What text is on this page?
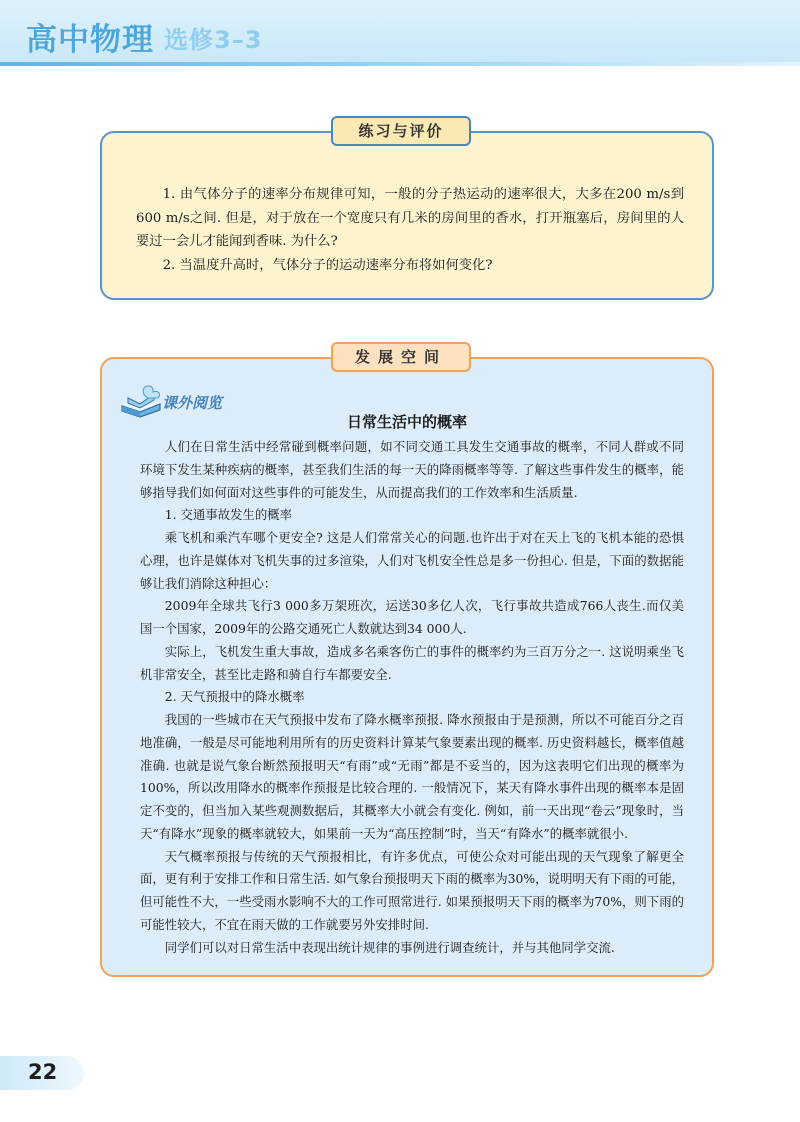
高中物理 选修3–3
练习与评价

1. 由气体分子的速率分布规律可知，一般的分子热运动的速率很大，大多在200 m/s到600 m/s之间. 但是，对于放在一个宽度只有几米的房间里的香水，打开瓶塞后，房间里的人要过一会儿才能闻到香味. 为什么?
2. 当温度升高时，气体分子的运动速率分布将如何变化?

发展空间
课外阅览
日常生活中的概率

人们在日常生活中经常碰到概率问题，如不同交通工具发生交通事故的概率，不同人群或不同环境下发生某种疾病的概率，甚至我们生活的每一天的降雨概率等等. 了解这些事件发生的概率，能够指导我们如何面对这些事件的可能发生，从而提高我们的工作效率和生活质量.

1. 交通事故发生的概率

乘飞机和乘汽车哪个更安全? 这是人们常常关心的问题.也许出于对在天上飞的飞机本能的恐惧心理，也许是媒体对飞机失事的过多渲染，人们对飞机安全性总是多一份担心. 但是，下面的数据能够让我们消除这种担心：

2009年全球共飞行3 000多万架班次，运送30多亿人次，飞行事故共造成766人丧生.而仅美国一个国家，2009年的公路交通死亡人数就达到34 000人.

实际上，飞机发生重大事故，造成多名乘客伤亡的事件的概率约为三百万分之一. 这说明乘坐飞机非常安全，甚至比走路和骑自行车都要安全.

2. 天气预报中的降水概率

我国的一些城市在天气预报中发布了降水概率预报. 降水预报由于是预测，所以不可能百分之百地准确，一般是尽可能地利用所有的历史资料计算某气象要素出现的概率. 历史资料越长，概率值越准确. 也就是说气象台断然预报明天“有雨”或“无雨”都是不妥当的，因为这表明它们出现的概率为100%，所以改用降水的概率作预报是比较合理的. 一般情况下，某天有降水事件出现的概率本是固定不变的，但当加入某些观测数据后，其概率大小就会有变化. 例如，前一天出现“卷云”现象时，当天“有降水”现象的概率就较大，如果前一天为“高压控制”时，当天“有降水”的概率就很小.

天气概率预报与传统的天气预报相比，有许多优点，可使公众对可能出现的天气现象了解更全面，更有利于安排工作和日常生活. 如气象台预报明天下雨的概率为30%，说明明天有下雨的可能，但可能性不大，一些受雨水影响不大的工作可照常进行. 如果预报明天下雨的概率为70%，则下雨的可能性较大，不宜在雨天做的工作就要另外安排时间.

同学们可以对日常生活中表现出统计规律的事例进行调查统计，并与其他同学交流.

22
